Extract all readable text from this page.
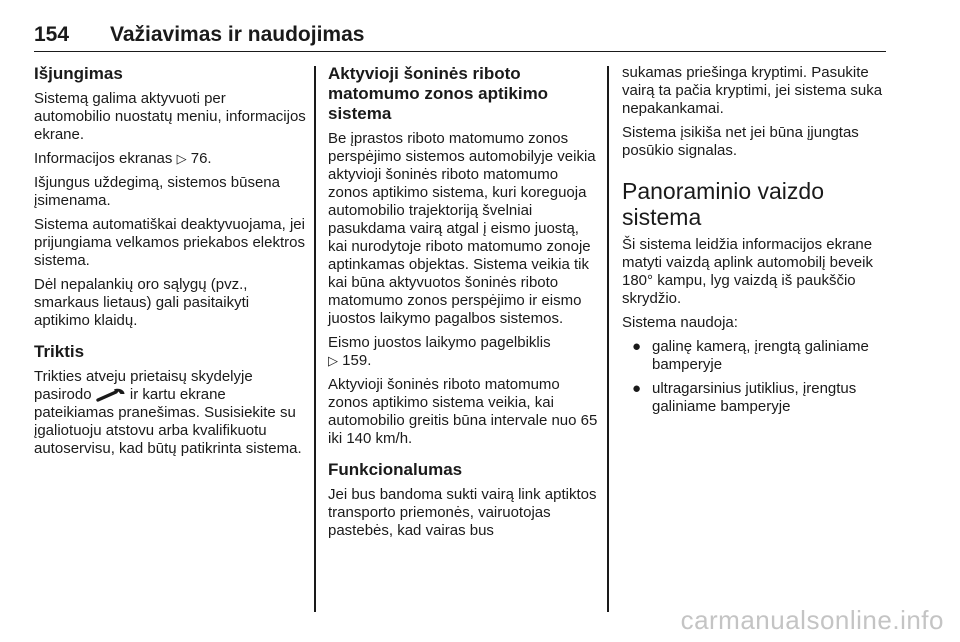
154	Važiavimas ir naudojimas
Išjungimas

Sistemą galima aktyvuoti per automobilio nuostatų meniu, informacijos ekrane.

Informacijos ekranas ▷ 76.

Išjungus uždegimą, sistemos būsena įsimenama.

Sistema automatiškai deaktyvuojama, jei prijungiama velkamos priekabos elektros sistema.

Dėl nepalankių oro sąlygų (pvz., smarkaus lietaus) gali pasitaikyti aptikimo klaidų.

Triktis

Trikties atveju prietaisų skydelyje pasirodo	ir kartu ekrane pateikiamas pranešimas. Susisiekite su įgaliotuoju atstovu arba kvalifikuotu autoservisu, kad būtų patikrinta sistema.

Aktyvioji šoninės riboto matomumo zonos aptikimo sistema

Be įprastos riboto matomumo zonos perspėjimo sistemos automobilyje veikia aktyvioji šoninės riboto matomumo zonos aptikimo sistema, kuri koreguoja automobilio trajektoriją švelniai pasukdama vairą atgal į eismo juostą, kai nurodytoje riboto matomumo zonoje aptinkamas objektas. Sistema veikia tik kai būna aktyvuotos šoninės riboto matomumo zonos perspėjimo ir eismo juostos laikymo pagalbos sistemos.

Eismo juostos laikymo pagelbiklis
▷ 159.

Aktyvioji šoninės riboto matomumo zonos aptikimo sistema veikia, kai automobilio greitis būna intervale nuo 65 iki 140 km/h.

Funkcionalumas

Jei bus bandoma sukti vairą link aptiktos transporto priemonės, vairuotojas pastebės, kad vairas bus

sukamas priešinga kryptimi. Pasukite vairą ta pačia kryptimi, jei sistema suka nepakankamai.

Sistema įsikiša net jei būna įjungtas posūkio signalas.

Panoraminio vaizdo sistema

Ši sistema leidžia informacijos ekrane matyti vaizdą aplink automobilį beveik 180° kampu, lyg vaizdą iš paukščio skrydžio.

Sistema naudoja:

● galinę kamerą, įrengtą galiniame bamperyje
● ultragarsinius jutiklius, įrengtus galiniame bamperyje
carmanualsonline.info
